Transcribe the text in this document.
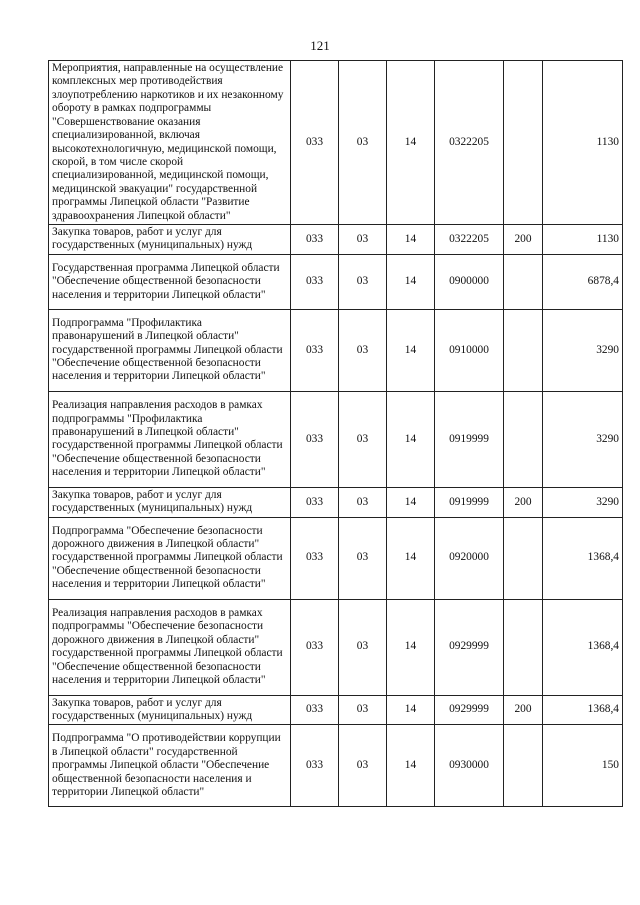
121
Мероприятия, направленные на осуществление комплексных мер противодействия злоупотреблению наркотиков и их незаконному обороту в рамках подпрограммы "Совершенствование оказания специализированной, включая высокотехнологичную, медицинской помощи, скорой, в том числе скорой специализированной, медицинской помощи, медицинской эвакуации" государственной программы Липецкой области "Развитие здравоохранения Липецкой области"	033	03	14	0322205		1130
Закупка товаров, работ и услуг для государственных (муниципальных) нужд	033	03	14	0322205	200	1130
Государственная программа Липецкой области "Обеспечение общественной безопасности населения и территории Липецкой области"	033	03	14	0900000		6878,4
Подпрограмма "Профилактика правонарушений в Липецкой области" государственной программы Липецкой области "Обеспечение общественной безопасности населения и территории Липецкой области"	033	03	14	0910000		3290
Реализация направления расходов в рамках подпрограммы "Профилактика правонарушений в Липецкой области" государственной программы Липецкой области "Обеспечение общественной безопасности населения и территории Липецкой области"	033	03	14	0919999		3290
Закупка товаров, работ и услуг для государственных (муниципальных) нужд	033	03	14	0919999	200	3290
Подпрограмма "Обеспечение безопасности дорожного движения в Липецкой области" государственной программы Липецкой области "Обеспечение общественной безопасности населения и территории Липецкой области"	033	03	14	0920000		1368,4
Реализация направления расходов в рамках подпрограммы "Обеспечение безопасности дорожного движения в Липецкой области" государственной программы Липецкой области "Обеспечение общественной безопасности населения и территории Липецкой области"	033	03	14	0929999		1368,4
Закупка товаров, работ и услуг для государственных (муниципальных) нужд	033	03	14	0929999	200	1368,4
Подпрограмма "О противодействии коррупции в Липецкой области" государственной программы Липецкой области "Обеспечение общественной безопасности населения и территории Липецкой области"	033	03	14	0930000		150
